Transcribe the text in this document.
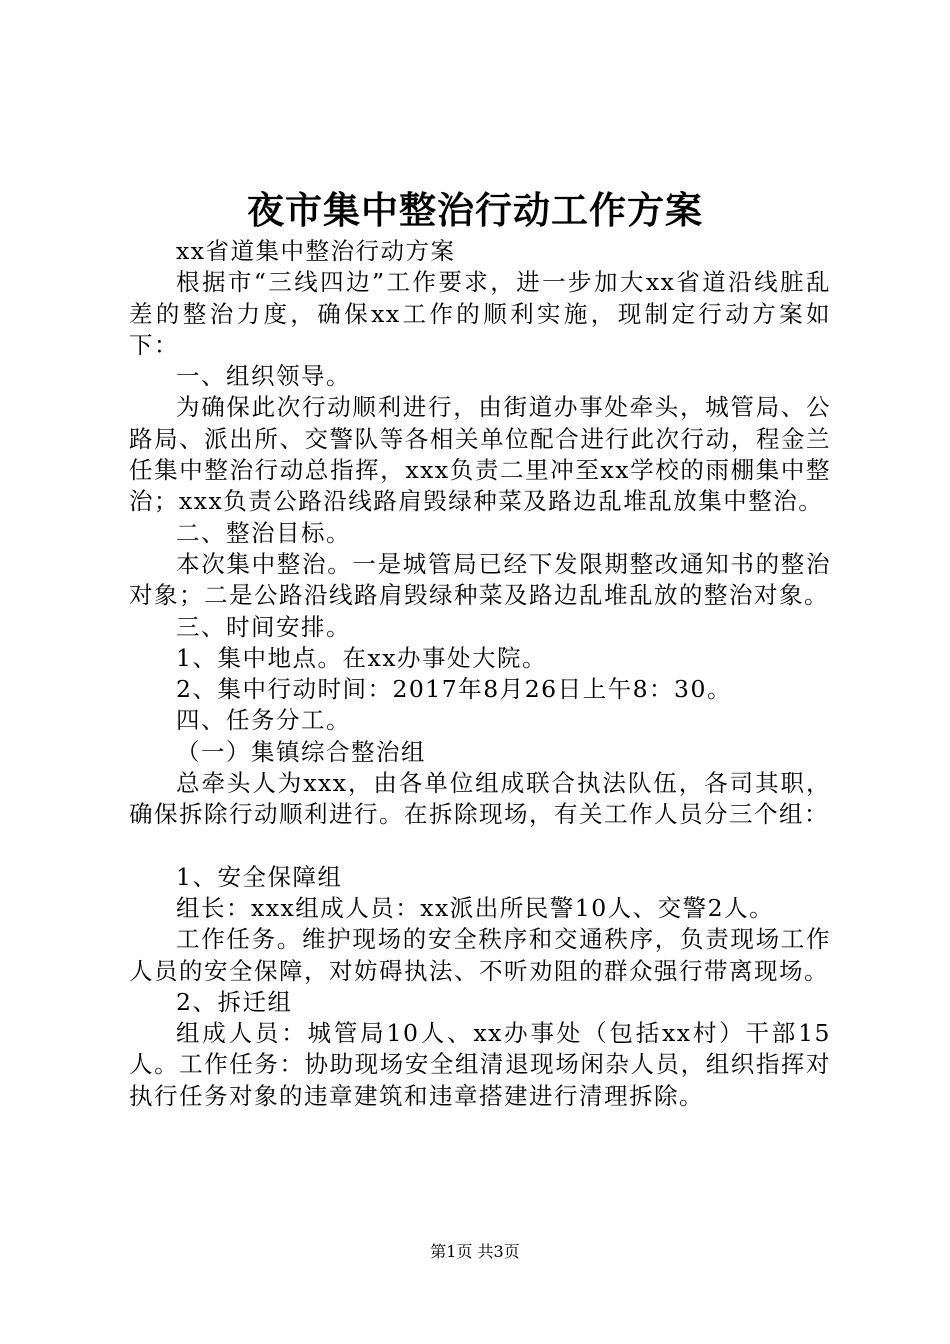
夜市集中整治行动工作方案

xx省道集中整治行动方案

根据市“三线四边”工作要求，进一步加大xx省道沿线脏乱差的整治力度，确保xx工作的顺利实施，现制定行动方案如下：

一、组织领导。

为确保此次行动顺利进行，由街道办事处牵头，城管局、公路局、派出所、交警队等各相关单位配合进行此次行动，程金兰任集中整治行动总指挥，xxx负责二里冲至xx学校的雨棚集中整治；xxx负责公路沿线路肩毁绿种菜及路边乱堆乱放集中整治。

二、整治目标。

本次集中整治。一是城管局已经下发限期整改通知书的整治对象；二是公路沿线路肩毁绿种菜及路边乱堆乱放的整治对象。

三、时间安排。

1、集中地点。在xx办事处大院。

2、集中行动时间：2017年8月26日上午8：30。

四、任务分工。

（一）集镇综合整治组

总牵头人为xxx，由各单位组成联合执法队伍，各司其职，确保拆除行动顺利进行。在拆除现场，有关工作人员分三个组：

1、安全保障组

组长：xxx组成人员：xx派出所民警10人、交警2人。

工作任务。维护现场的安全秩序和交通秩序，负责现场工作人员的安全保障，对妨碍执法、不听劝阻的群众强行带离现场。

2、拆迁组

组成人员：城管局10人、xx办事处（包括xx村）干部15人。工作任务：协助现场安全组清退现场闲杂人员，组织指挥对执行任务对象的违章建筑和违章搭建进行清理拆除。

第1页 共3页
